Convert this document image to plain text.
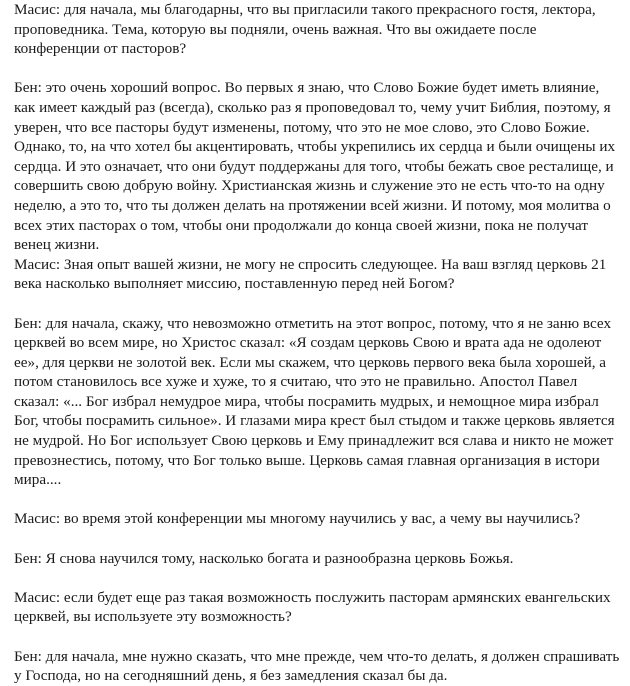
Масис: для начала, мы благодарны, что вы пригласили такого прекрасного гостя, лектора,
проповедника. Тема, которую вы подняли, очень важная. Что вы ожидаете после
конференции от пасторов?

Бен: это очень хороший вопрос. Во первых я знаю, что Слово Божие будет иметь влияние,
как имеет каждый раз (всегда), сколько раз я проповедовал то, чему учит Библия, поэтому, я
уверен, что все пасторы будут изменены, потому, что это не мое слово, это Слово Божие.
Однако, то, на что хотел бы акцентировать, чтобы укрепились их сердца и были очищены их
сердца. И это означает, что они будут поддержаны для того, чтобы бежать свое ресталище, и
совершить свою добрую войну. Христианская жизнь и служение это не есть что-то на одну
неделю, а это то, что ты должен делать на протяжении всей жизни. И потому, моя молитва о
всех этих пасторах о том, чтобы они продолжали до конца своей жизни, пока не получат
венец жизни.
Масис: Зная опыт вашей жизни, не могу не спросить следующее. На ваш взгляд церковь 21
века насколько выполняет миссию, поставленную перед ней Богом?

Бен: для начала, скажу, что невозможно отметить на этот вопрос, потому, что я не заню всех
церквей во всем мире, но Христос сказал: «Я создам церковь Свою и врата ада не одолеют
ее», для церкви не золотой век. Если мы скажем, что церковь первого века была хорошей, а
потом становилось все хуже и хуже, то я считаю, что это не правильно. Апостол Павел
сказал: «... Бог избрал немудрое мира, чтобы посрамить мудрых, и немощное мира избрал
Бог, чтобы посрамить сильное». И глазами мира крест был стыдом и также церковь является
не мудрой. Но Бог использует Свою церковь и Ему принадлежит вся слава и никто не может
превознестись, потому, что Бог только выше. Церковь самая главная организация в истори
мира....

Масис: во время этой конференции мы многому научились у вас, а чему вы научились?

Бен: Я снова научился тому, насколько богата и разнообразна церковь Божья.

Масис: если будет еще раз такая возможность послужить пасторам армянских евангельских
церквей, вы используете эту возможность?

Бен: для начала, мне нужно сказать, что мне прежде, чем что-то делать, я должен спрашивать
у Господа, но на сегодняшний день, я без замедления сказал бы да.
